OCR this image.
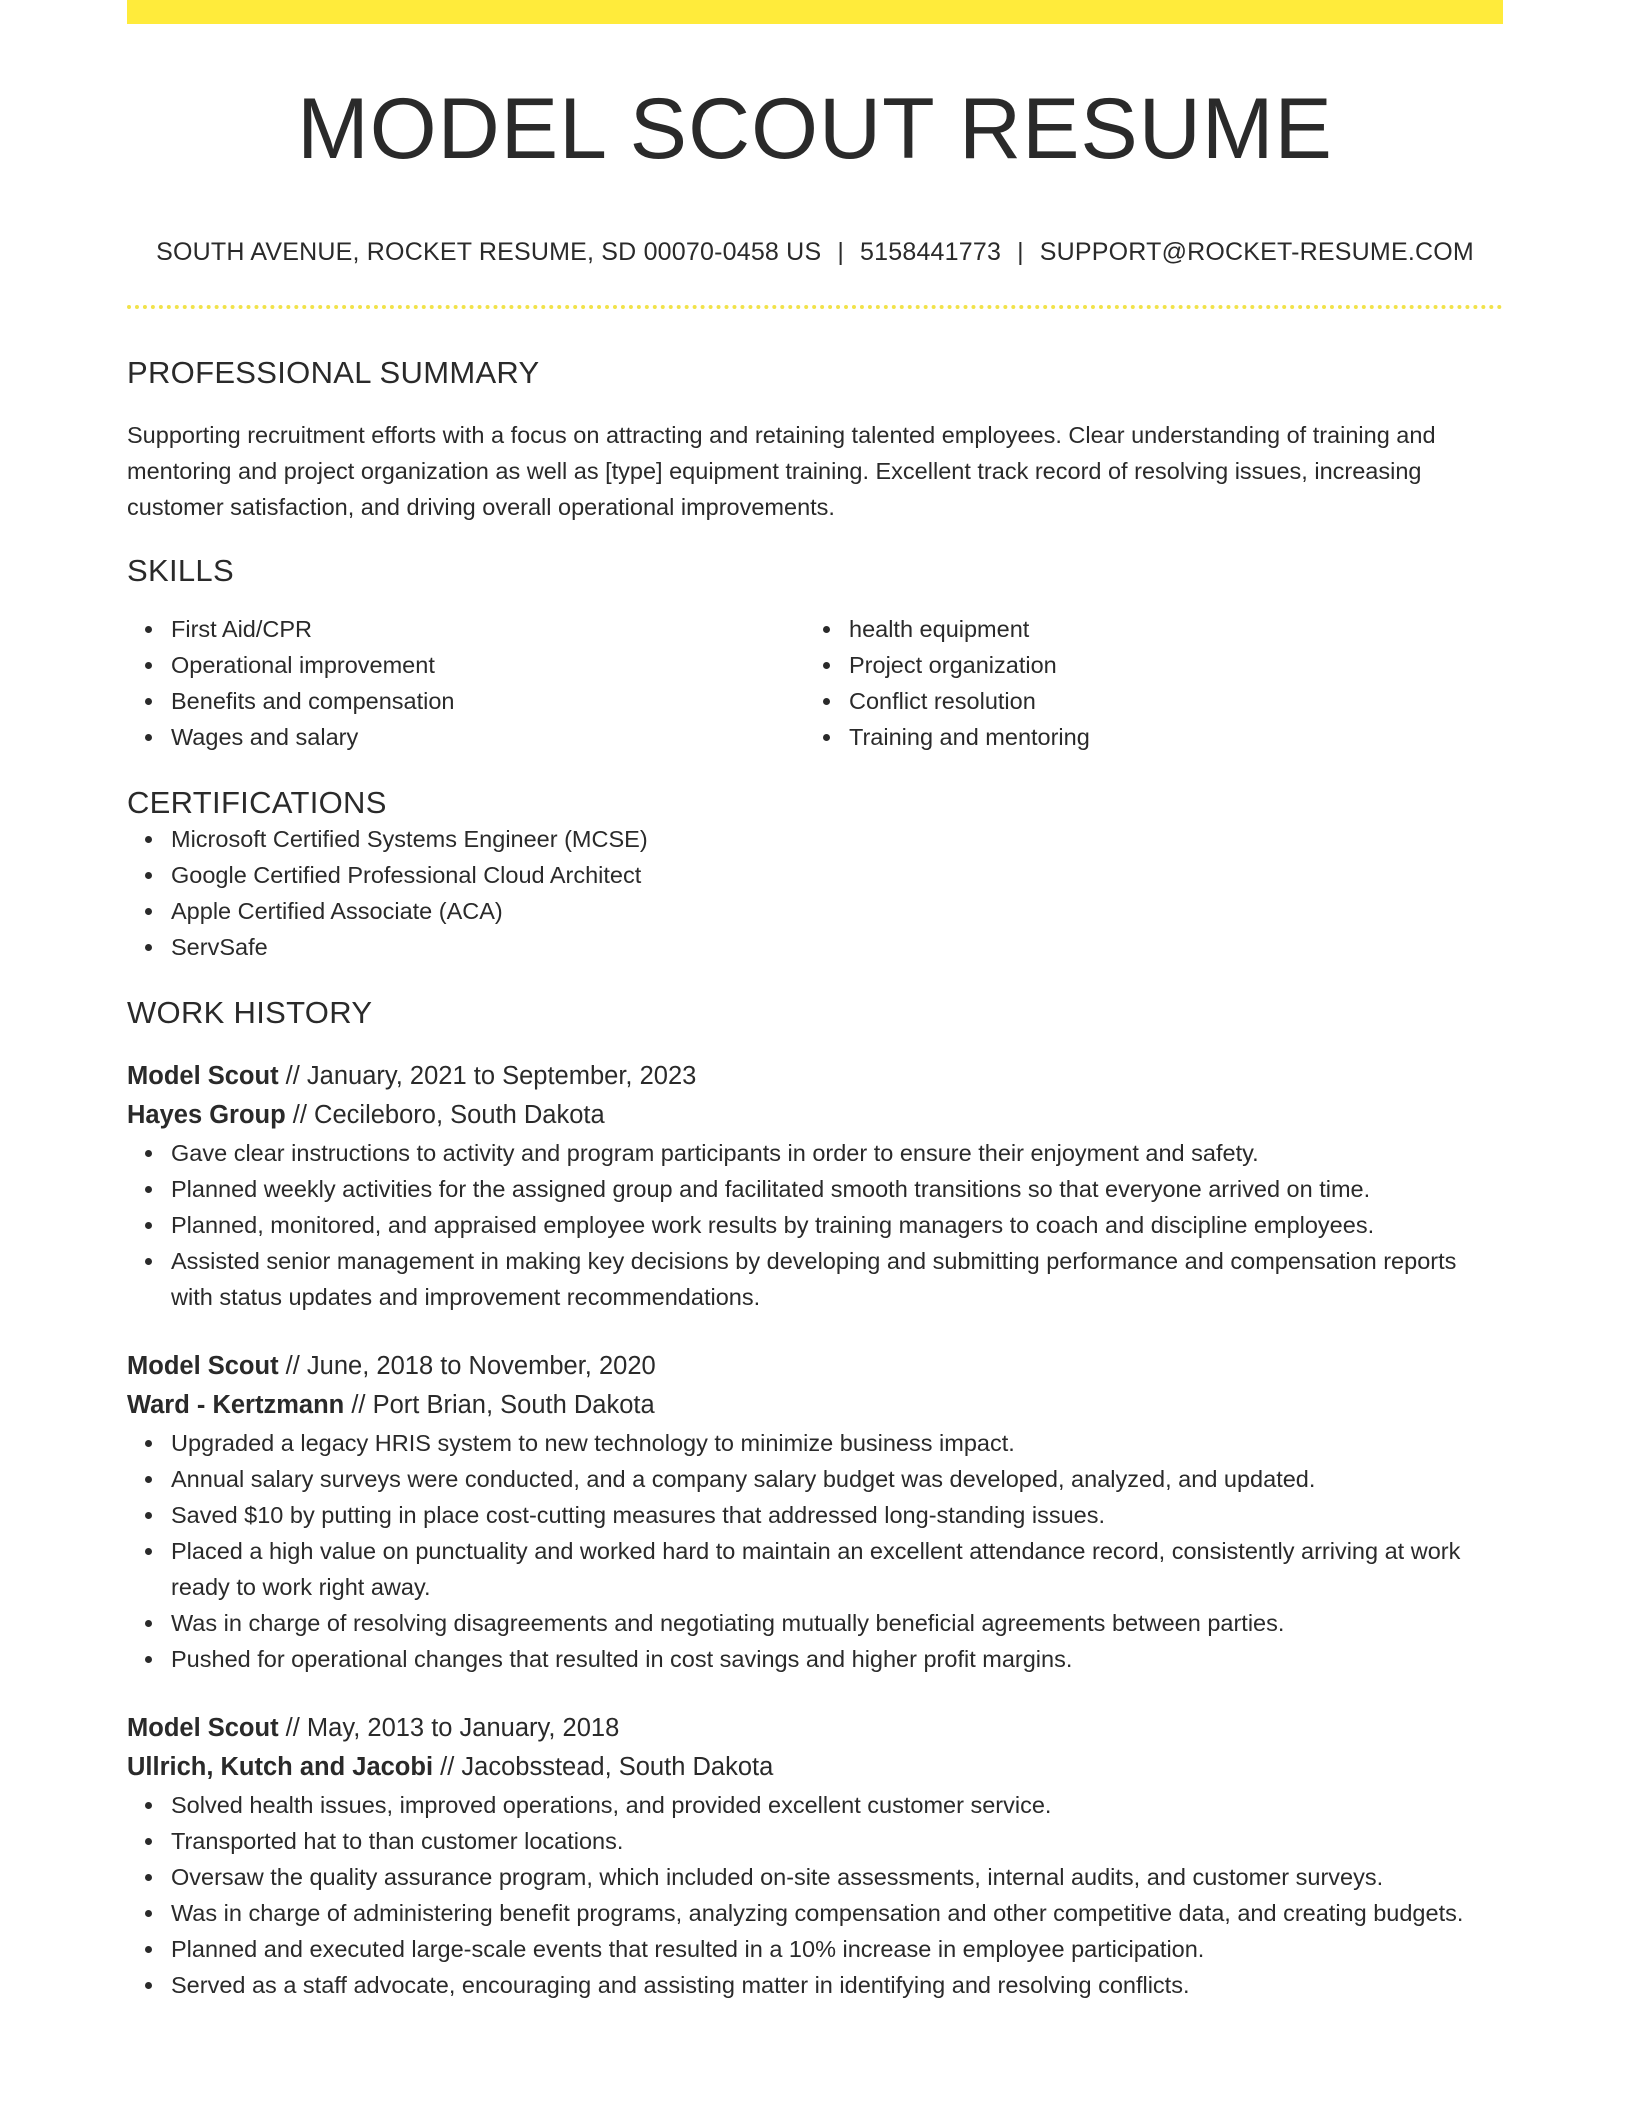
MODEL SCOUT RESUME
SOUTH AVENUE, ROCKET RESUME, SD 00070-0458 US | 5158441773 | SUPPORT@ROCKET-RESUME.COM
PROFESSIONAL SUMMARY
Supporting recruitment efforts with a focus on attracting and retaining talented employees. Clear understanding of training and mentoring and project organization as well as [type] equipment training. Excellent track record of resolving issues, increasing customer satisfaction, and driving overall operational improvements.
SKILLS
First Aid/CPR
Operational improvement
Benefits and compensation
Wages and salary
health equipment
Project organization
Conflict resolution
Training and mentoring
CERTIFICATIONS
Microsoft Certified Systems Engineer (MCSE)
Google Certified Professional Cloud Architect
Apple Certified Associate (ACA)
ServSafe
WORK HISTORY
Model Scout // January, 2021 to September, 2023
Hayes Group // Cecileboro, South Dakota
Gave clear instructions to activity and program participants in order to ensure their enjoyment and safety.
Planned weekly activities for the assigned group and facilitated smooth transitions so that everyone arrived on time.
Planned, monitored, and appraised employee work results by training managers to coach and discipline employees.
Assisted senior management in making key decisions by developing and submitting performance and compensation reports with status updates and improvement recommendations.
Model Scout // June, 2018 to November, 2020
Ward - Kertzmann // Port Brian, South Dakota
Upgraded a legacy HRIS system to new technology to minimize business impact.
Annual salary surveys were conducted, and a company salary budget was developed, analyzed, and updated.
Saved $10 by putting in place cost-cutting measures that addressed long-standing issues.
Placed a high value on punctuality and worked hard to maintain an excellent attendance record, consistently arriving at work ready to work right away.
Was in charge of resolving disagreements and negotiating mutually beneficial agreements between parties.
Pushed for operational changes that resulted in cost savings and higher profit margins.
Model Scout // May, 2013 to January, 2018
Ullrich, Kutch and Jacobi // Jacobsstead, South Dakota
Solved health issues, improved operations, and provided excellent customer service.
Transported hat to than customer locations.
Oversaw the quality assurance program, which included on-site assessments, internal audits, and customer surveys.
Was in charge of administering benefit programs, analyzing compensation and other competitive data, and creating budgets.
Planned and executed large-scale events that resulted in a 10% increase in employee participation.
Served as a staff advocate, encouraging and assisting matter in identifying and resolving conflicts.
